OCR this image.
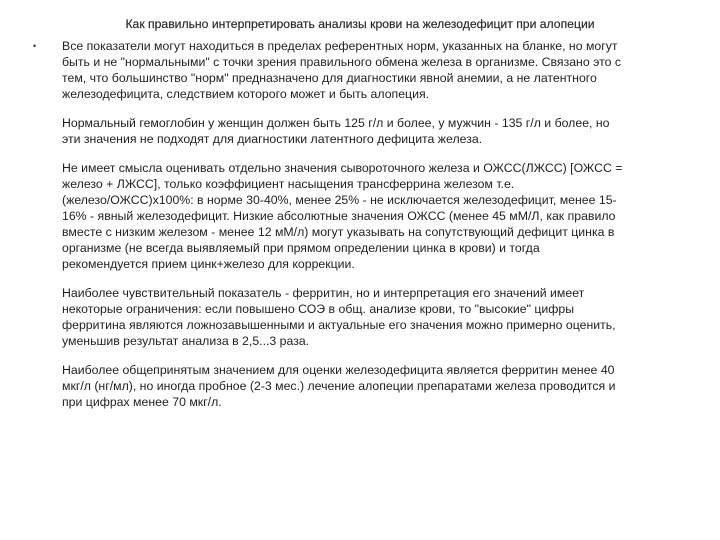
Как правильно интерпретировать анализы крови на железодефицит при алопеции
• Все показатели могут находиться в пределах референтных норм, указанных на бланке, но могут
быть и не "нормальными" с точки зрения правильного обмена железа в организме. Связано это с
тем, что большинство "норм" предназначено для диагностики явной анемии, а не латентного
железодефицита, следствием которого может и быть алопеция.

Нормальный гемоглобин у женщин должен быть 125 г/л и более, у мужчин - 135 г/л и более, но
эти значения не подходят для диагностики латентного дефицита железа.

Не имеет смысла оценивать отдельно значения сывороточного железа и ОЖСС(ЛЖСС) [ОЖСС =
железо + ЛЖСС], только коэффициент насыщения трансферрина железом т.е.
(железо/ОЖСС)х100%: в норме 30-40%, менее 25% - не исключается железодефицит, менее 15-
16% - явный железодефицит. Низкие абсолютные значения ОЖСС (менее 45 мМ/Л, как правило
вместе с низким железом - менее 12 мМ/л) могут указывать на сопутствующий дефицит цинка в
организме (не всегда выявляемый при прямом определении цинка в крови) и тогда
рекомендуется прием цинк+железо для коррекции.

Наиболее чувствительный показатель - ферритин, но и интерпретация его значений имеет
некоторые ограничения: если повышено СОЭ в общ. анализе крови, то "высокие" цифры
ферритина являются ложнозавышенными и актуальные его значения можно примерно оценить,
уменьшив результат анализа в 2,5...3 раза.

Наиболее общепринятым значением для оценки железодефицита является ферритин менее 40
мкг/л (нг/мл), но иногда пробное (2-3 мес.) лечение алопеции препаратами железа проводится и
при цифрах менее 70 мкг/л.
